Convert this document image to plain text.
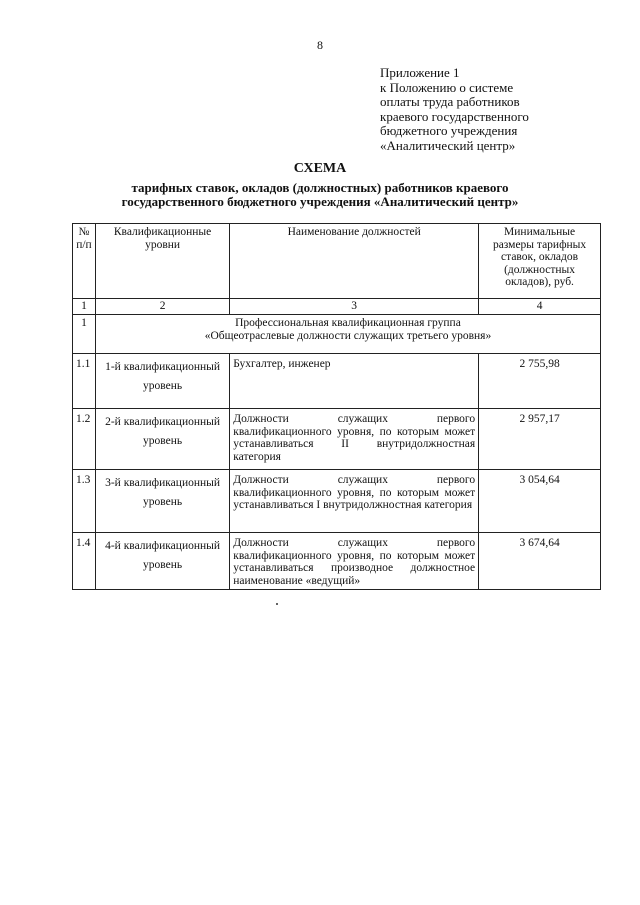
8
Приложение 1
к Положению о системе
оплаты труда работников
краевого государственного
бюджетного учреждения
«Аналитический центр»
СХЕМА
тарифных ставок, окладов (должностных) работников краевого государственного бюджетного учреждения «Аналитический центр»
№ п/п	Квалификационные уровни	Наименование должностей	Минимальные размеры тарифных ставок, окладов (должностных окладов), руб.
1	2	3	4
1	Профессиональная квалификационная группа
«Общеотраслевые должности служащих третьего уровня»		

1.1	1-й квалификационный уровень	Бухгалтер, инженер	2 755,98
1.2	2-й квалификационный уровень	Должности служащих первого квалификационного уровня, по которым может устанавливаться II внутридолжностная категория	2 957,17
1.3	3-й квалификационный уровень	Должности служащих первого квалификационного уровня, по которым может устанавливаться I внутридолжностная категория	3 054,64
1.4	4-й квалификационный уровень	Должности служащих первого квалификационного уровня, по которым может устанавливаться производное должностное наименование «ведущий»	3 674,64
